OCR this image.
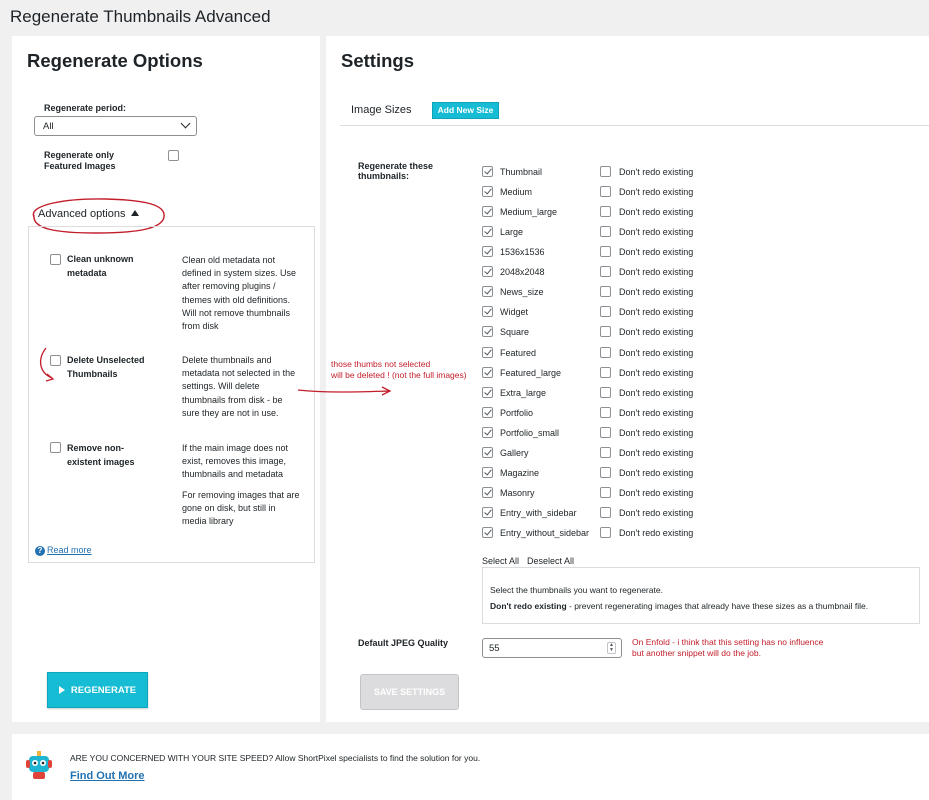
Regenerate Thumbnails Advanced
Regenerate Options
Regenerate period:
All
Regenerate only
Featured Images
Advanced options
Clean unknown
metadata
Clean old metadata not
defined in system sizes. Use
after removing plugins /
themes with old definitions.
Will not remove thumbnails
from disk
Delete Unselected
Thumbnails
Delete thumbnails and
metadata not selected in the
settings. Will delete
thumbnails from disk - be
sure they are not in use.
Remove non-
existent images
If the main image does not
exist, removes this image,
thumbnails and metadata
For removing images that are
gone on disk, but still in
media library
? Read more
REGENERATE
Settings
Image Sizes	Add New Size
Regenerate these
thumbnails:	Thumbnail	Don't redo existing
Medium	Don't redo existing
Medium_large	Don't redo existing
Large	Don't redo existing
1536x1536	Don't redo existing
2048x2048	Don't redo existing
News_size	Don't redo existing
Widget	Don't redo existing
Square	Don't redo existing
Featured	Don't redo existing
Featured_large	Don't redo existing
Extra_large	Don't redo existing
Portfolio	Don't redo existing
Portfolio_small	Don't redo existing
Gallery	Don't redo existing
Magazine	Don't redo existing
Masonry	Don't redo existing
Entry_with_sidebar	Don't redo existing
Entry_without_sidebar	Don't redo existing
those thumbs not selected
will be deleted ! (not the full images)
Select All Deselect All
Select the thumbnails you want to regenerate.
Don't redo existing - prevent regenerating images that already have these sizes as a thumbnail file.
Default JPEG Quality	55	▲
▼
On Enfold - i think that this setting has no influence
but another snippet will do the job.
SAVE SETTINGS
ARE YOU CONCERNED WITH YOUR SITE SPEED? Allow ShortPixel specialists to find the solution for you.
Find Out More
